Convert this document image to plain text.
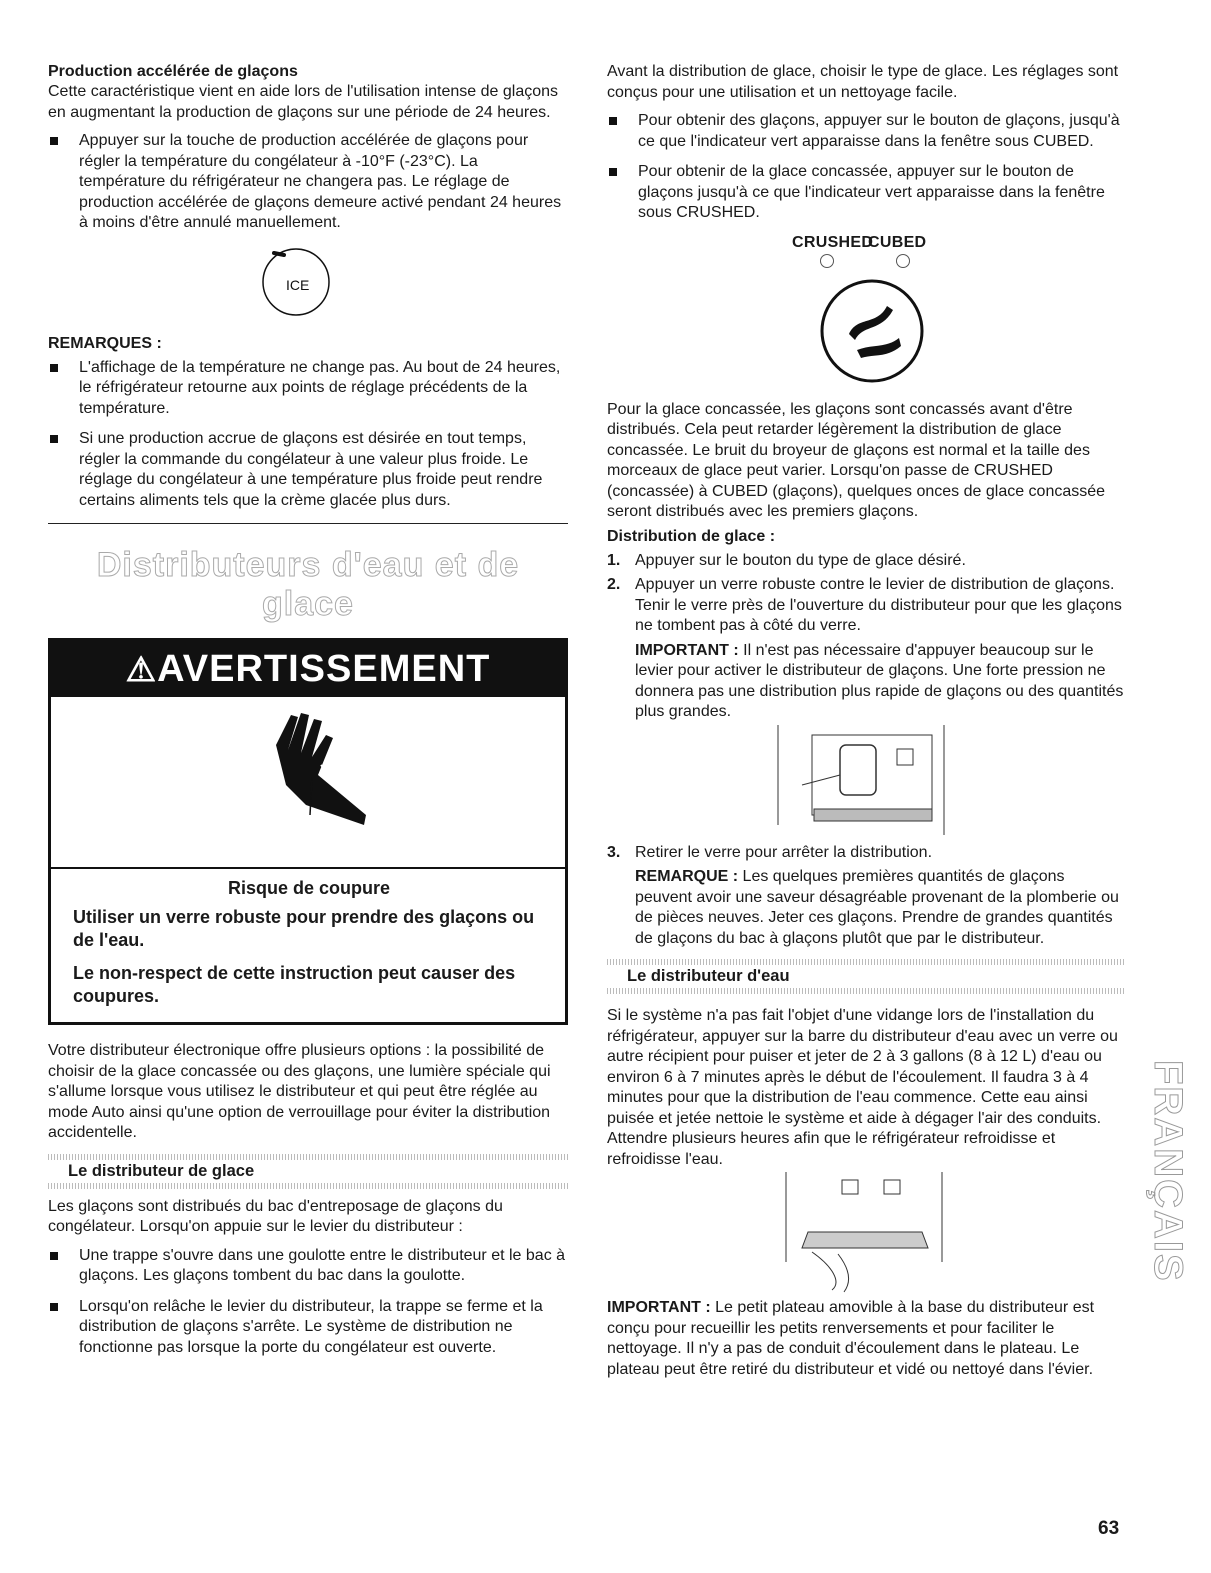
Production accélérée de glaçons

Cette caractéristique vient en aide lors de l'utilisation intense de glaçons en augmentant la production de glaçons sur une période de 24 heures.

Appuyer sur la touche de production accélérée de glaçons pour régler la température du congélateur à -10°F (-23°C). La température du réfrigérateur ne changera pas. Le réglage de production accélérée de glaçons demeure activé pendant 24 heures à moins d'être annulé manuellement.
ICE
REMARQUES :
L'affichage de la température ne change pas. Au bout de 24 heures, le réfrigérateur retourne aux points de réglage précédents de la température.
Si une production accrue de glaçons est désirée en tout temps, régler la commande du congélateur à une valeur plus froide. Le réglage du congélateur à une température plus froide peut rendre certains aliments tels que la crème glacée plus durs.
Distributeurs d'eau et de glace
⚠AVERTISSEMENT
Risque de coupure
Utiliser un verre robuste pour prendre des glaçons ou de l'eau.
Le non-respect de cette instruction peut causer des coupures.

Votre distributeur électronique offre plusieurs options : la possibilité de choisir de la glace concassée ou des glaçons, une lumière spéciale qui s'allume lorsque vous utilisez le distributeur et qui peut être réglée au mode Auto ainsi qu'une option de verrouillage pour éviter la distribution accidentelle.

Le distributeur de glace

Les glaçons sont distribués du bac d'entreposage de glaçons du congélateur. Lorsqu'on appuie sur le levier du distributeur :

Une trappe s'ouvre dans une goulotte entre le distributeur et le bac à glaçons. Les glaçons tombent du bac dans la goulotte.
Lorsqu'on relâche le levier du distributeur, la trappe se ferme et la distribution de glaçons s'arrête. Le système de distribution ne fonctionne pas lorsque la porte du congélateur est ouverte.

Avant la distribution de glace, choisir le type de glace. Les réglages sont conçus pour une utilisation et un nettoyage facile.

Pour obtenir des glaçons, appuyer sur le bouton de glaçons, jusqu'à ce que l'indicateur vert apparaisse dans la fenêtre sous CUBED.
Pour obtenir de la glace concassée, appuyer sur le bouton de glaçons jusqu'à ce que l'indicateur vert apparaisse dans la fenêtre sous CRUSHED.
CRUSHED
CUBED

Pour la glace concassée, les glaçons sont concassés avant d'être distribués. Cela peut retarder légèrement la distribution de glace concassée. Le bruit du broyeur de glaçons est normal et la taille des morceaux de glace peut varier. Lorsqu'on passe de CRUSHED (concassée) à CUBED (glaçons), quelques onces de glace concassée seront distribués avec les premiers glaçons.

Distribution de glace :
1. Appuyer sur le bouton du type de glace désiré.
2. Appuyer un verre robuste contre le levier de distribution de glaçons. Tenir le verre près de l'ouverture du distributeur pour que les glaçons ne tombent pas à côté du verre.

IMPORTANT : Il n'est pas nécessaire d'appuyer beaucoup sur le levier pour activer le distributeur de glaçons. Une forte pression ne donnera pas une distribution plus rapide de glaçons ou des quantités plus grandes.

3. Retirer le verre pour arrêter la distribution.

REMARQUE : Les quelques premières quantités de glaçons peuvent avoir une saveur désagréable provenant de la plomberie ou de pièces neuves. Jeter ces glaçons. Prendre de grandes quantités de glaçons du bac à glaçons plutôt que par le distributeur.

Le distributeur d'eau

Si le système n'a pas fait l'objet d'une vidange lors de l'installation du réfrigérateur, appuyer sur la barre du distributeur d'eau avec un verre ou autre récipient pour puiser et jeter de 2 à 3 gallons (8 à 12 L) d'eau ou environ 6 à 7 minutes après le début de l'écoulement. Il faudra 3 à 4 minutes pour que la distribution de l'eau commence. Cette eau ainsi puisée et jetée nettoie le système et aide à dégager l'air des conduits. Attendre plusieurs heures afin que le réfrigérateur refroidisse et refroidisse l'eau.

IMPORTANT : Le petit plateau amovible à la base du distributeur est conçu pour recueillir les petits renversements et pour faciliter le nettoyage. Il n'y a pas de conduit d'écoulement dans le plateau. Le plateau peut être retiré du distributeur et vidé ou nettoyé dans l'évier.

FRANÇAIS
63
